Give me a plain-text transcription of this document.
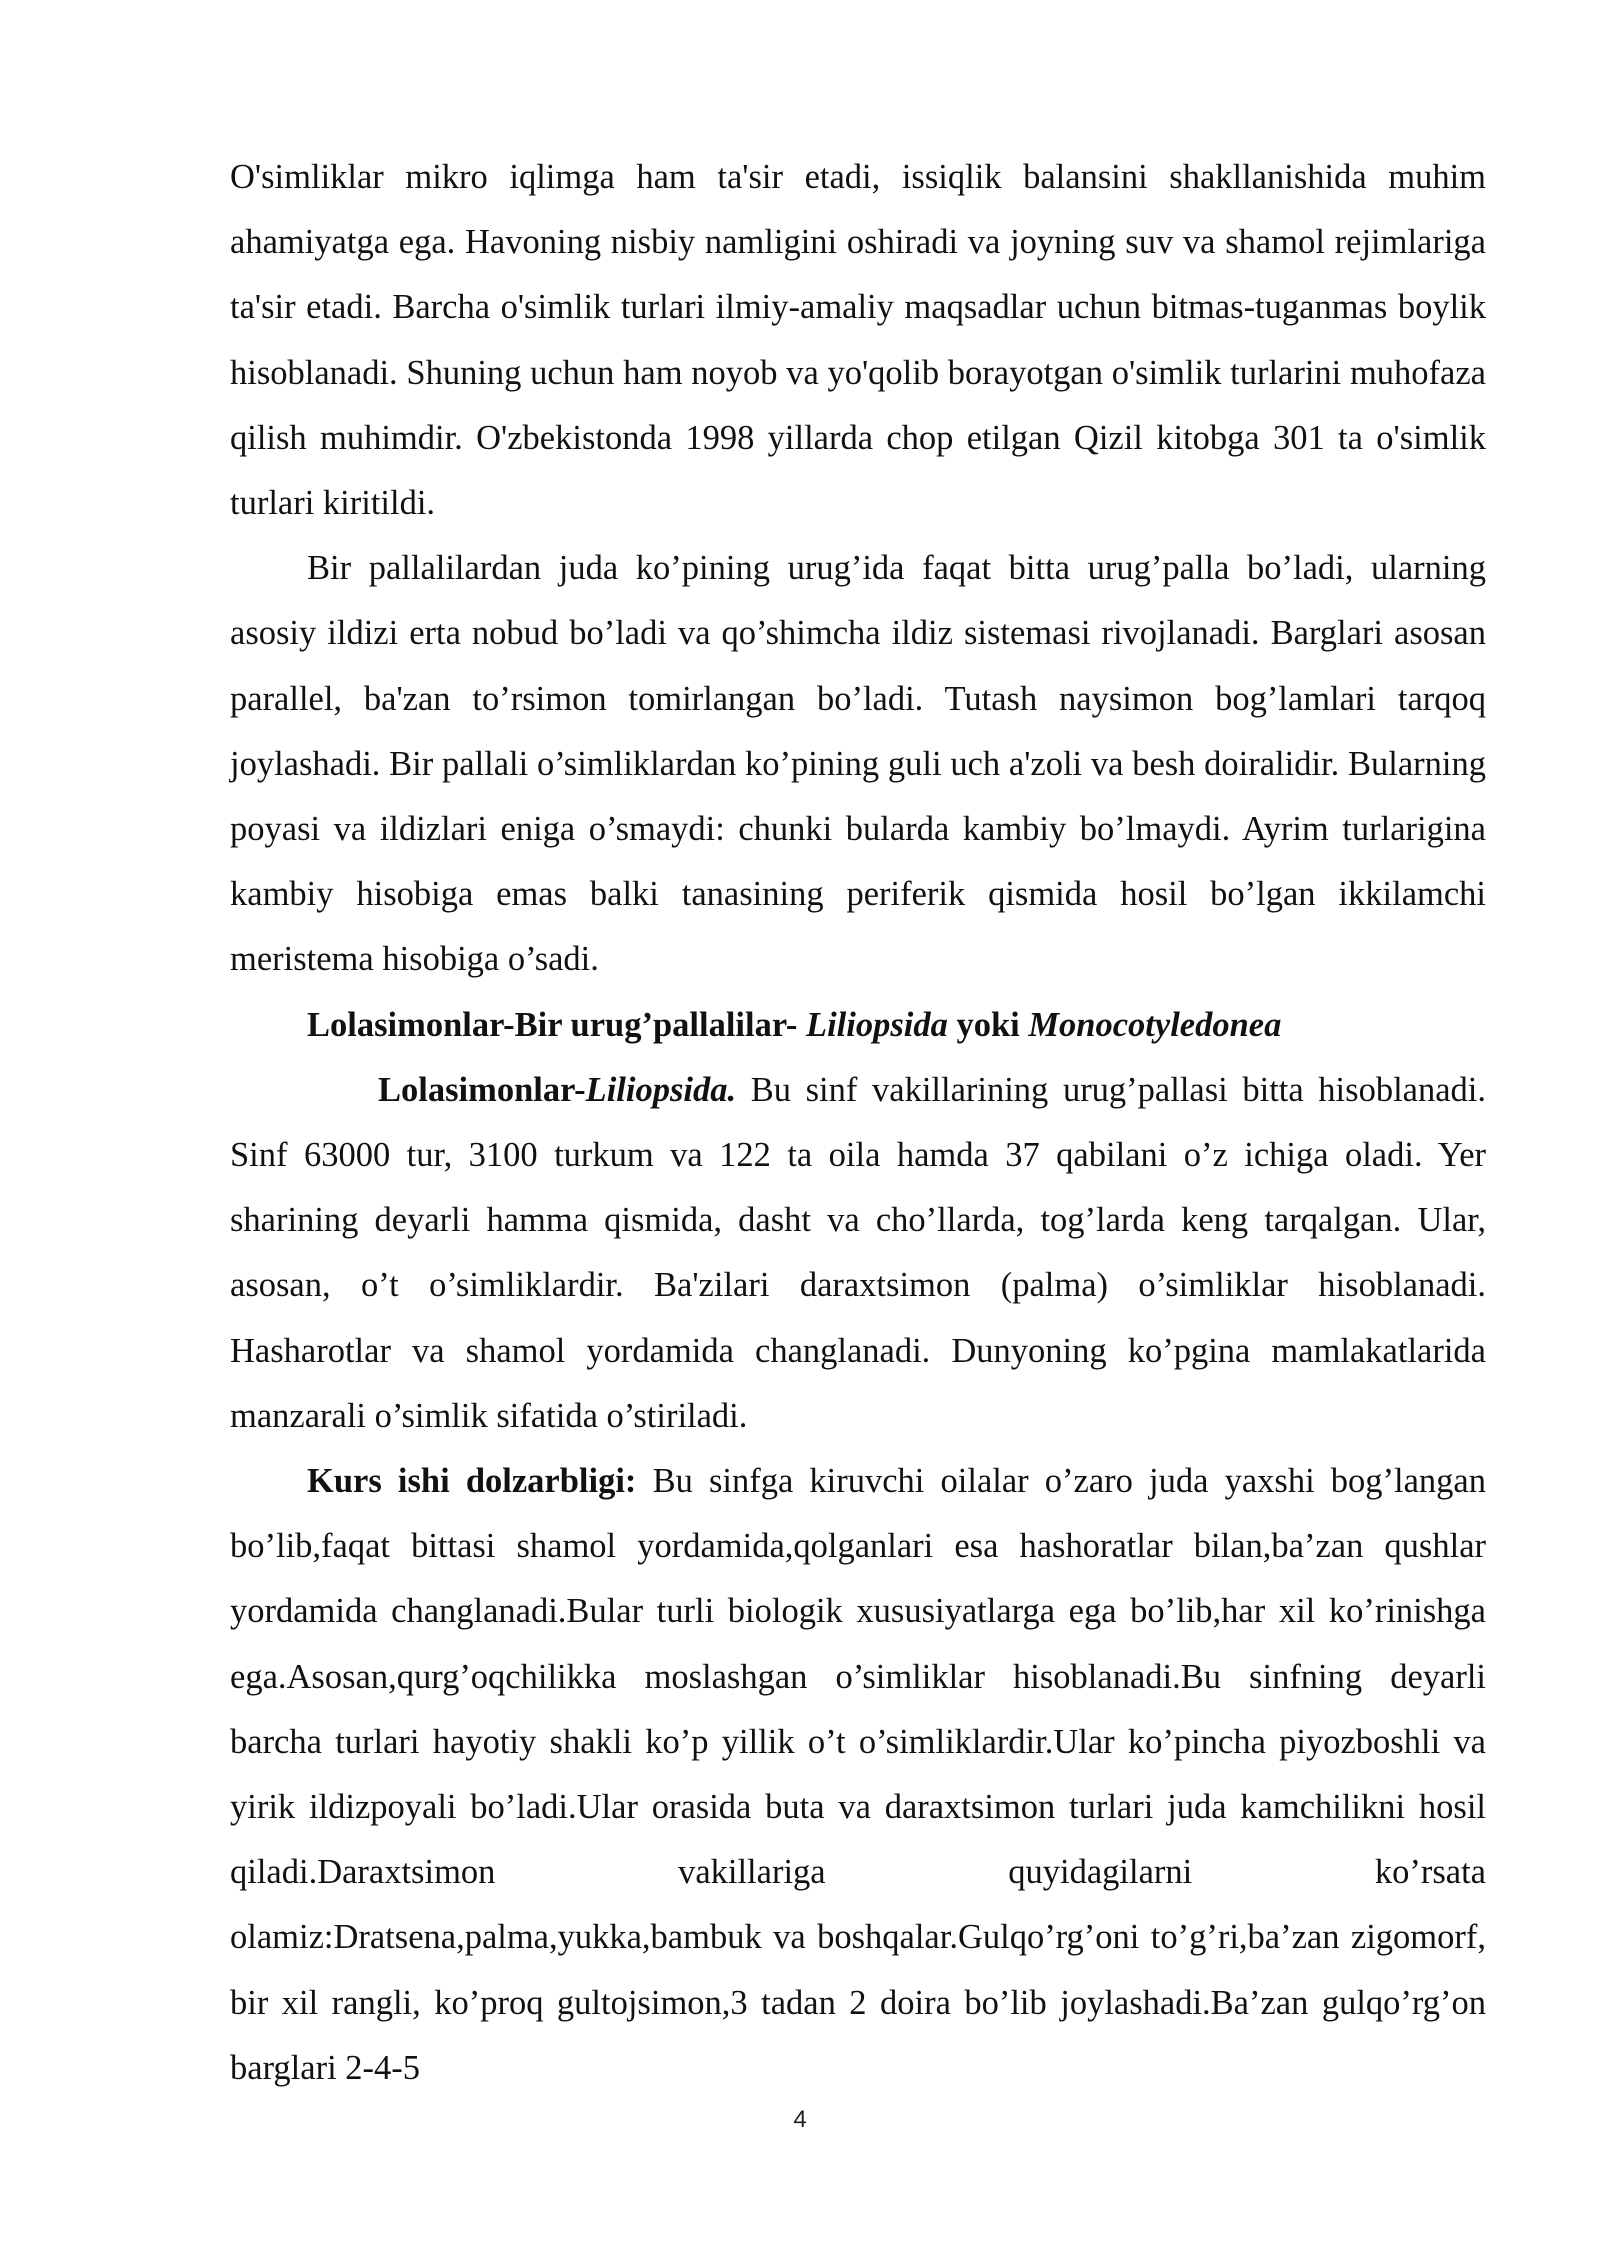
O'simliklar mikro iqlimga ham ta'sir etadi, issiqlik balansini shakllanishida muhim ahamiyatga ega. Havoning nisbiy namligini oshiradi va joyning suv va shamol rejimlariga ta'sir etadi. Barcha o'simlik turlari ilmiy-amaliy maqsadlar uchun bitmas-tuganmas boylik hisoblanadi. Shuning uchun ham noyob va yo'qolib borayotgan o'simlik turlarini muhofaza qilish muhimdir. O'zbekistonda 1998 yillarda chop etilgan Qizil kitobga 301 ta o'simlik turlari kiritildi.

Bir pallalilardan juda ko’pining urug’ida faqat bitta urug’palla bo’ladi, ularning asosiy ildizi erta nobud bo’ladi va qo’shimcha ildiz sistemasi rivojlanadi. Barglari asosan parallel, ba'zan to’rsimon tomirlangan bo’ladi. Tutash naysimon bog’lamlari tarqoq joylashadi. Bir pallali o’simliklardan ko’pining guli uch a'zoli va besh doiralidir. Bularning poyasi va ildizlari eniga o’smaydi: chunki bularda kambiy bo’lmaydi. Ayrim turlarigina kambiy hisobiga emas balki tanasining periferik qismida hosil bo’lgan ikkilamchi meristema hisobiga o’sadi.

Lolasimonlar-Bir urug’pallalilar- Liliopsida yoki Monocotyledonea

Lolasimonlar-Liliopsida. Bu sinf vakillarining urug’pallasi bitta hisoblanadi. Sinf 63000 tur, 3100 turkum va 122 ta oila hamda 37 qabilani o’z ichiga oladi. Yer sharining deyarli hamma qismida, dasht va cho’llarda, tog’larda keng tarqalgan. Ular, asosan, o’t o’simliklardir. Ba'zilari daraxtsimon (palma) o’simliklar hisoblanadi. Hasharotlar va shamol yordamida changlanadi. Dunyoning ko’pgina mamlakatlarida manzarali o’simlik sifatida o’stiriladi.

Kurs ishi dolzarbligi: Bu sinfga kiruvchi oilalar o’zaro juda yaxshi bog’langan bo’lib,faqat bittasi shamol yordamida,qolganlari esa hashoratlar bilan,ba’zan qushlar yordamida changlanadi.Bular turli biologik xususiyatlarga ega bo’lib,har xil ko’rinishga ega.Asosan,qurg’oqchilikka moslashgan o’simliklar hisoblanadi.Bu sinfning deyarli barcha turlari hayotiy shakli ko’p yillik o’t o’simliklardir.Ular ko’pincha piyozboshli va yirik ildizpoyali bo’ladi.Ular orasida buta va daraxtsimon turlari juda kamchilikni hosil qiladi.Daraxtsimon vakillariga quyidagilarni ko’rsata olamiz:Dratsena,palma,yukka,bambuk va boshqalar.Gulqo’rg’oni to’g’ri,ba’zan zigomorf, bir xil rangli, ko’proq gultojsimon,3 tadan 2 doira bo’lib joylashadi.Ba’zan gulqo’rg’on barglari 2-4-5

4
